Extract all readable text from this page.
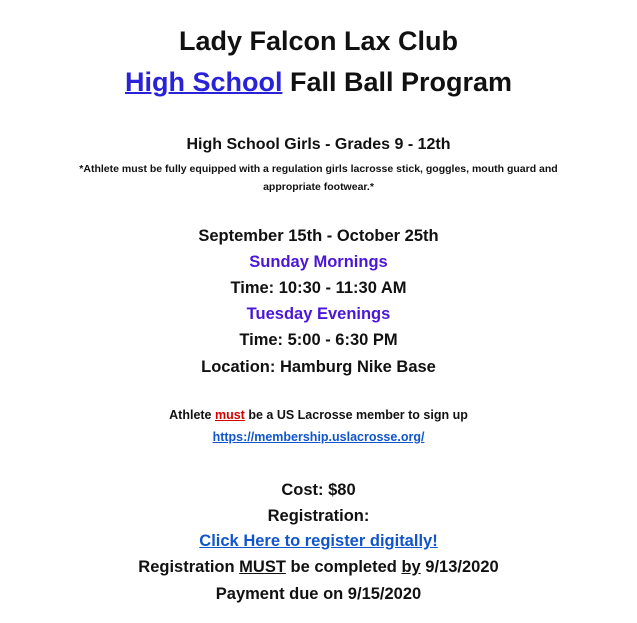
Lady Falcon Lax Club
High School Fall Ball Program
High School Girls - Grades 9 - 12th
*Athlete must be fully equipped with a regulation girls lacrosse stick, goggles, mouth guard and appropriate footwear.*
September 15th - October 25th
Sunday Mornings
Time: 10:30 - 11:30 AM
Tuesday Evenings
Time: 5:00 - 6:30 PM
Location: Hamburg Nike Base
Athlete must be a US Lacrosse member to sign up
https://membership.uslacrosse.org/
Cost: $80
Registration:
Click Here to register digitally!
Registration MUST be completed by 9/13/2020
Payment due on 9/15/2020
